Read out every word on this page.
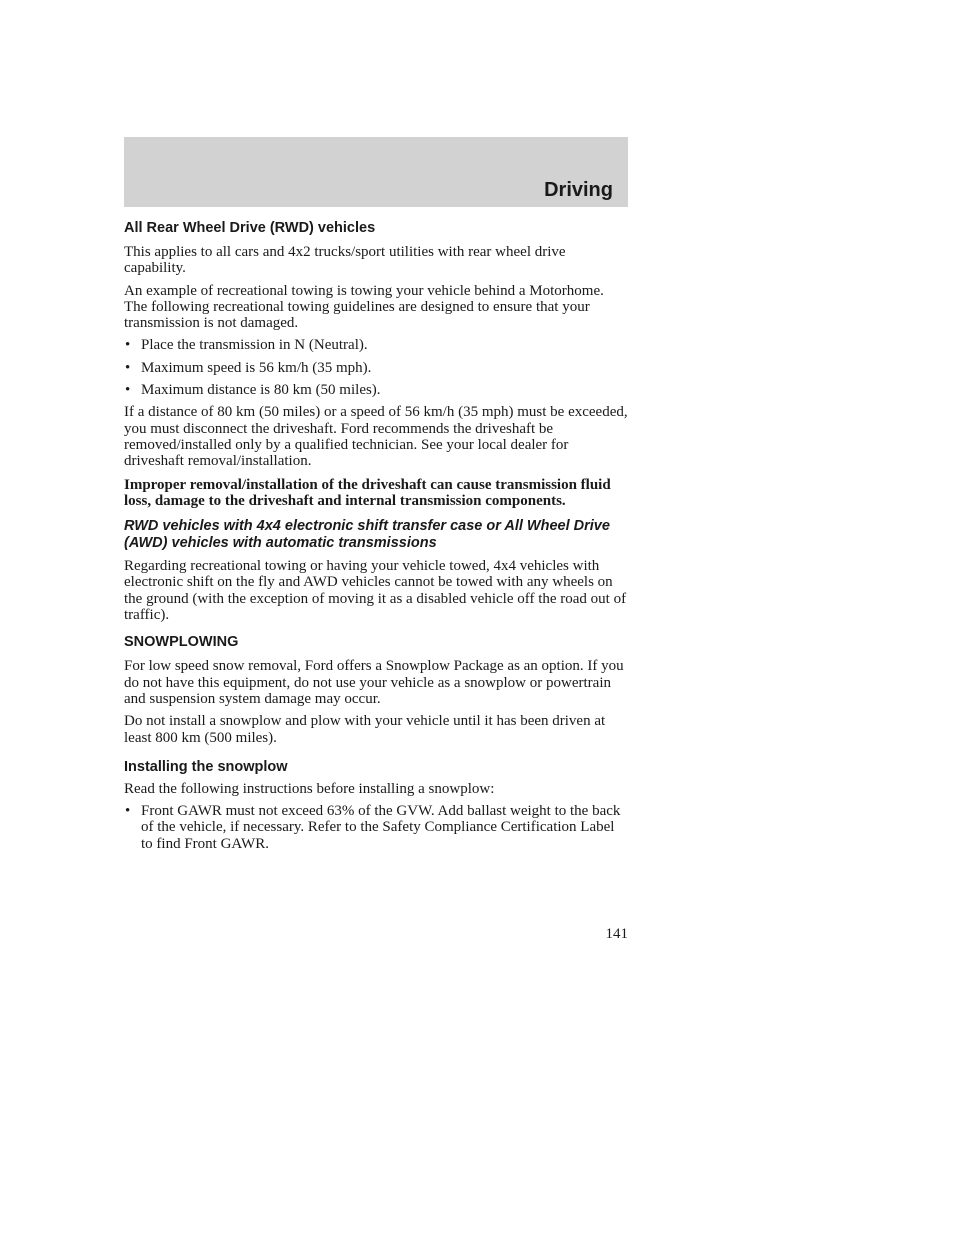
Driving
All Rear Wheel Drive (RWD) vehicles

This applies to all cars and 4x2 trucks/sport utilities with rear wheel drive capability.

An example of recreational towing is towing your vehicle behind a Motorhome. The following recreational towing guidelines are designed to ensure that your transmission is not damaged.

• Place the transmission in N (Neutral).
• Maximum speed is 56 km/h (35 mph).
• Maximum distance is 80 km (50 miles).

If a distance of 80 km (50 miles) or a speed of 56 km/h (35 mph) must be exceeded, you must disconnect the driveshaft. Ford recommends the driveshaft be removed/installed only by a qualified technician. See your local dealer for driveshaft removal/installation.

Improper removal/installation of the driveshaft can cause transmission fluid loss, damage to the driveshaft and internal transmission components.

RWD vehicles with 4x4 electronic shift transfer case or All Wheel Drive (AWD) vehicles with automatic transmissions

Regarding recreational towing or having your vehicle towed, 4x4 vehicles with electronic shift on the fly and AWD vehicles cannot be towed with any wheels on the ground (with the exception of moving it as a disabled vehicle off the road out of traffic).

SNOWPLOWING

For low speed snow removal, Ford offers a Snowplow Package as an option. If you do not have this equipment, do not use your vehicle as a snowplow or powertrain and suspension system damage may occur.

Do not install a snowplow and plow with your vehicle until it has been driven at least 800 km (500 miles).

Installing the snowplow

Read the following instructions before installing a snowplow:

• Front GAWR must not exceed 63% of the GVW. Add ballast weight to the back of the vehicle, if necessary. Refer to the Safety Compliance Certification Label to find Front GAWR.
141
